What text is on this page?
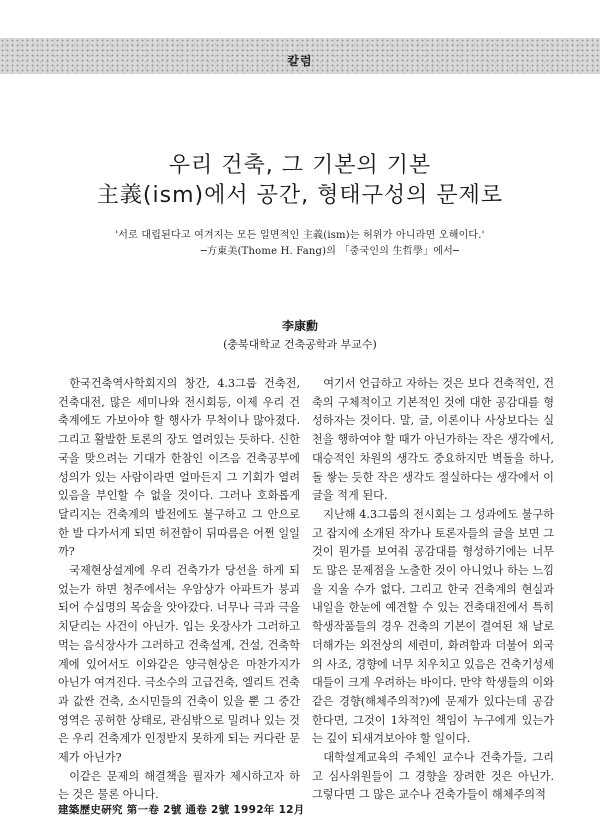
칼럼
우리 건축, 그 기본의 기본
主義(ism)에서 공간, 형태구성의 문제로
'서로 대립된다고 여겨지는 모든 일면적인 主義(ism)는 허위가 아니라면 오해이다.'
─方東美(Thome H. Fang)의 「중국인의 生哲學」에서─
李康勳
(충북대학교 건축공학과 부교수)

한국건축역사학회지의 창간, 4.3그룹 건축전, 건축대전, 많은 세미나와 전시회등, 이제 우리 건축계에도 가보아야 할 행사가 무척이나 많아졌다. 그리고 활발한 토론의 장도 열려있는 듯하다. 신한국을 맞으려는 기대가 한참인 이즈음 건축공부에 성의가 있는 사람이라면 얼마든지 그 기회가 열려있음을 부인할 수 없을 것이다. 그러나 호화롭게 달리지는 건축계의 발전에도 불구하고 그 안으로 한 발 다가서게 되면 허전함이 뒤따름은 어쩐 일일까?

국제현상설계에 우리 건축가가 당선을 하게 되었는가 하면 청주에서는 우암상가 아파트가 붕괴되어 수십명의 목숨을 앗아갔다. 너무나 극과 극을 치닫리는 사건이 아닌가. 입는 옷장사가 그러하고 먹는 음식장사가 그러하고 건축설계, 건설, 건축학계에 있어서도 이와같은 양극현상은 마찬가지가 아닌가 여겨진다. 극소수의 고급건축, 엘리트 건축과 값싼 건축, 소시민들의 건축이 있을 뿐 그 중간영역은 공허한 상태로, 관심밖으로 밀려나 있는 것은 우리 건축계가 인정받지 못하게 되는 커다란 문제가 아닌가?

이같은 문제의 해결책을 필자가 제시하고자 하는 것은 물론 아니다.

여기서 언급하고 자하는 것은 보다 건축적인, 건축의 구체적이고 기본적인 것에 대한 공감대를 형성하자는 것이다. 말, 글, 이론이나 사상보다는 실천을 행하여야 할 때가 아닌가하는 작은 생각에서, 대승적인 차원의 생각도 중요하지만 벽돌을 하나, 돌 쌓는 듯한 작은 생각도 절실하다는 생각에서 이 글을 적게 된다.

지난해 4.3그룹의 전시회는 그 성과에도 불구하고 잡지에 소개된 작가나 토론자들의 글을 보면 그것이 뭔가를 보여줘 공감대를 형성하기에는 너무도 많은 문제점을 노출한 것이 아니었나 하는 느낌을 지울 수가 없다. 그리고 한국 건축계의 현실과 내일을 한눈에 예견할 수 있는 건축대전에서 특히 학생작품들의 경우 건축의 기본이 결여된 채 날로 더해가는 외전상의 세련미, 화려함과 더불어 외국의 사조, 경향에 너무 치우치고 있음은 건축기성세대들이 크게 우려하는 바이다. 만약 학생들의 이와같은 경향(해체주의적?)에 문제가 있다는데 공감한다면, 그것이 1차적인 책임이 누구에게 있는가는 깊이 되새겨보아야 할 일이다.

대학설계교육의 주체인 교수나 건축가들, 그리고 심사위원들이 그 경향을 장려한 것은 아닌가. 그렇다면 그 많은 교수나 건축가들이 해체주의적

建築歷史硏究 第一卷 2號 通卷 2號 1992年 12月
